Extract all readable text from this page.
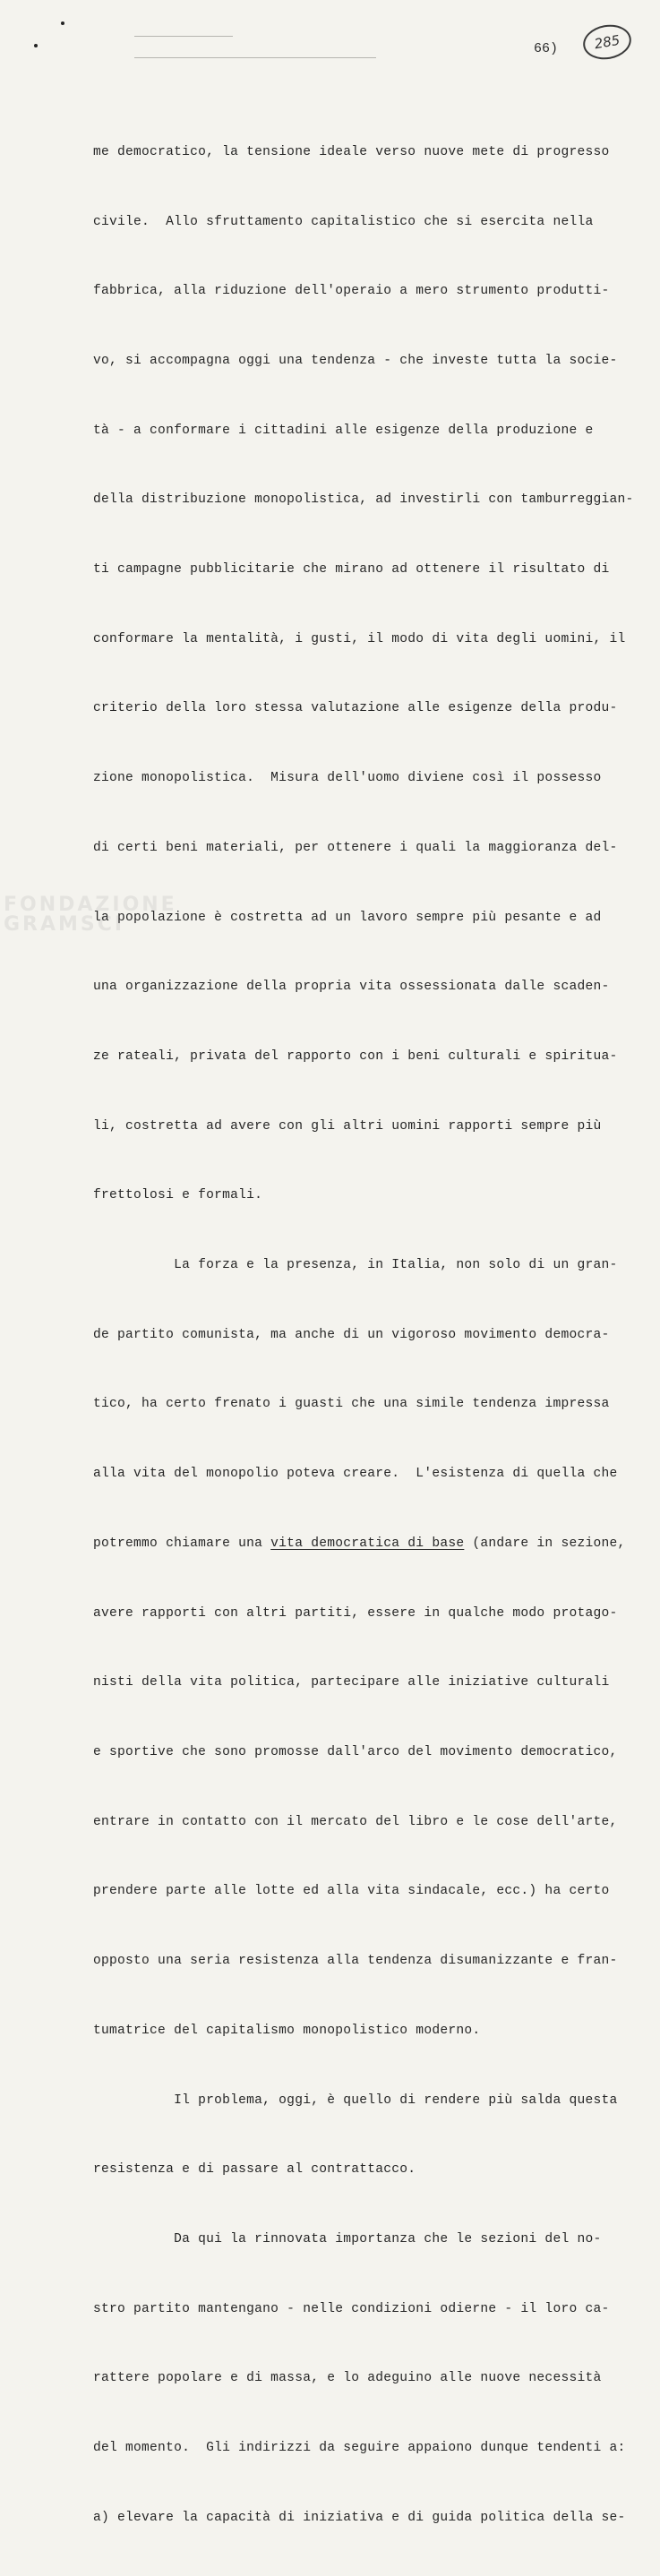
66)	285

me democratico, la tensione ideale verso nuove mete di progresso

civile.  Allo sfruttamento capitalistico che si esercita nella

fabbrica, alla riduzione dell'operaio a mero strumento produtti-

vo, si accompagna oggi una tendenza - che investe tutta la socie-

tà - a conformare i cittadini alle esigenze della produzione e

della distribuzione monopolistica, ad investirli con tamburreggian-

ti campagne pubblicitarie che mirano ad ottenere il risultato di

conformare la mentalità, i gusti, il modo di vita degli uomini, il

criterio della loro stessa valutazione alle esigenze della produ-

zione monopolistica.  Misura dell'uomo diviene così il possesso

di certi beni materiali, per ottenere i quali la maggioranza del-

la popolazione è costretta ad un lavoro sempre più pesante e ad

una organizzazione della propria vita ossessionata dalle scaden-

ze rateali, privata del rapporto con i beni culturali e spiritua-

li, costretta ad avere con gli altri uomini rapporti sempre più

frettolosi e formali.

La forza e la presenza, in Italia, non solo di un gran-

de partito comunista, ma anche di un vigoroso movimento democra-

tico, ha certo frenato i guasti che una simile tendenza impressa

alla vita del monopolio poteva creare.  L'esistenza di quella che

potremmo chiamare una vita democratica di base (andare in sezione,

avere rapporti con altri partiti, essere in qualche modo protago-

nisti della vita politica, partecipare alle iniziative culturali

e sportive che sono promosse dall'arco del movimento democratico,

entrare in contatto con il mercato del libro e le cose dell'arte,

prendere parte alle lotte ed alla vita sindacale, ecc.) ha certo

opposto una seria resistenza alla tendenza disumanizzante e fran-

tumatrice del capitalismo monopolistico moderno.

Il problema, oggi, è quello di rendere più salda questa

resistenza e di passare al contrattacco.

Da qui la rinnovata importanza che le sezioni del no-

stro partito mantengano - nelle condizioni odierne - il loro ca-

rattere popolare e di massa, e lo adeguino alle nuove necessità

del momento.  Gli indirizzi da seguire appaiono dunque tendenti a:

a) elevare la capacità di iniziativa e di guida politica della se-

FONDAZIONE
GRAMSCI
